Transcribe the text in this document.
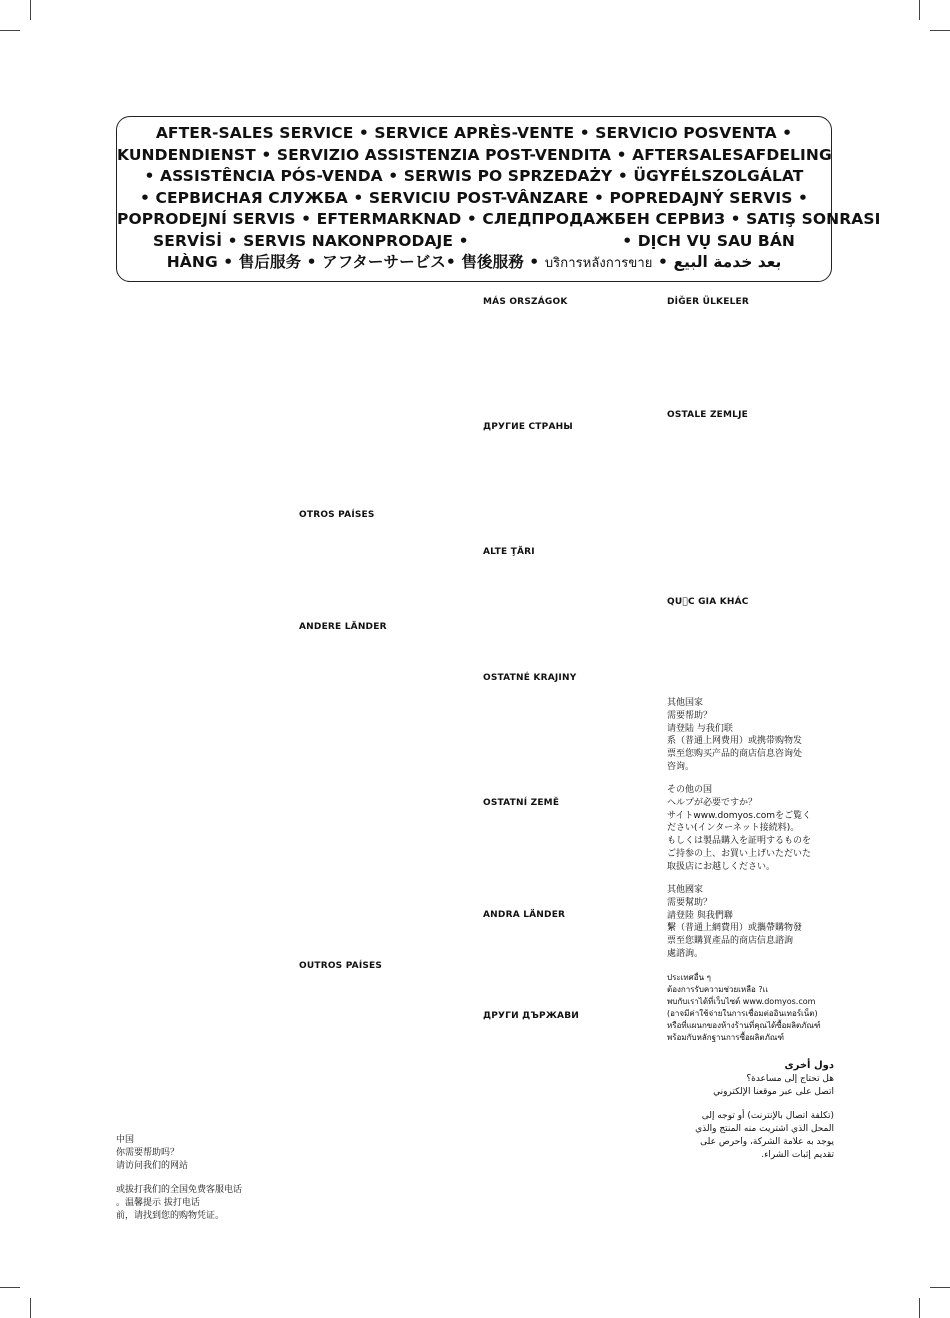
AFTER-SALES SERVICE • SERVICE APRÈS-VENTE • SERVICIO POSVENTA •
KUNDENDIENST • SERVIZIO ASSISTENZIA POST-VENDITA • AFTERSALESAFDELING
• ASSISTÊNCIA PÓS-VENDA • SERWIS PO SPRZEDAŻY • ÜGYFÉLSZOLGÁLAT
• СЕРВИСНАЯ СЛУЖБА • SERVICIU POST-VÂNZARE • POPREDAJNÝ SERVIS •
POPRODEJNÍ SERVIS • EFTERMARKNAD • СЛЕДПРОДАЖБЕН СЕРВИЗ • SATIŞ SONRASI
SERVİSİ • SERVIS NAKONPRODAJE •	• DỊCH VỤ SAU BÁN
HÀNG • 售后服务 • アフターサービス• 售後服務 • บริการหลังการขาย • بعد خدمة البيع
MÁS ORSZÁGOK	DİĞER ÜLKELER
OSTALE ZEMLJE
ДРУГИЕ СТРАНЫ
OTROS PAÍSES
ALTE ŢĂRI
QU C GIA KHÁC
ANDERE LÄNDER
OSTATNÉ KRAJINY
OSTATNÍ ZEMĚ
ANDRA LÄNDER
OUTROS PAÍSES
ДРУГИ ДЪРЖАВИ

其他国家

需要帮助？

请登陆 与我们联

系（普通上网费用）或携带购物发

票至您购买产品的商店信息咨询处

咨询。

その他の国

ヘルプが必要ですか？

サイトwww.domyos.comをご覧く

ださい(インターネット接続料)。

もしくは製品購入を証明するものを

ご持参の上、お買い上げいただいた

取扱店にお越しください。

其他國家

需要幫助？

請登陸 與我們聯

繫（普通上網費用）或攜帶購物發

票至您購買產品的商店信息諮詢

處諮詢。

ประเทศอื่น ๆ

ต้องการรับความช่วยเหลือ ?เเ

พบกับเราได้ที่เว็บไซต์ www.domyos.com

(อาจมีค่าใช้จ่ายในการเชื่อมต่ออินเทอร์เน็ต)

หรือที่แผนกของห้างร้านที่คุณได้ซื้อผลิตภัณฑ์

พร้อมกับหลักฐานการซื้อผลิตภัณฑ์

دول أخرى

هل تحتاج إلى مساعدة؟

اتصل على عبر موقعنا الإلكتروني

(تكلفة اتصال بالإنترنت) أو توجه إلى

المحل الذي اشتريت منه المنتج والذي

يوجد به علامة الشركة، واحرص على

تقديم إثبات الشراء.

中国

你需要帮助吗？

请访问我们的网站

或拔打我们的全国免费客服电话

。温馨提示 拔打电话

前，请找到您的购物凭证。
